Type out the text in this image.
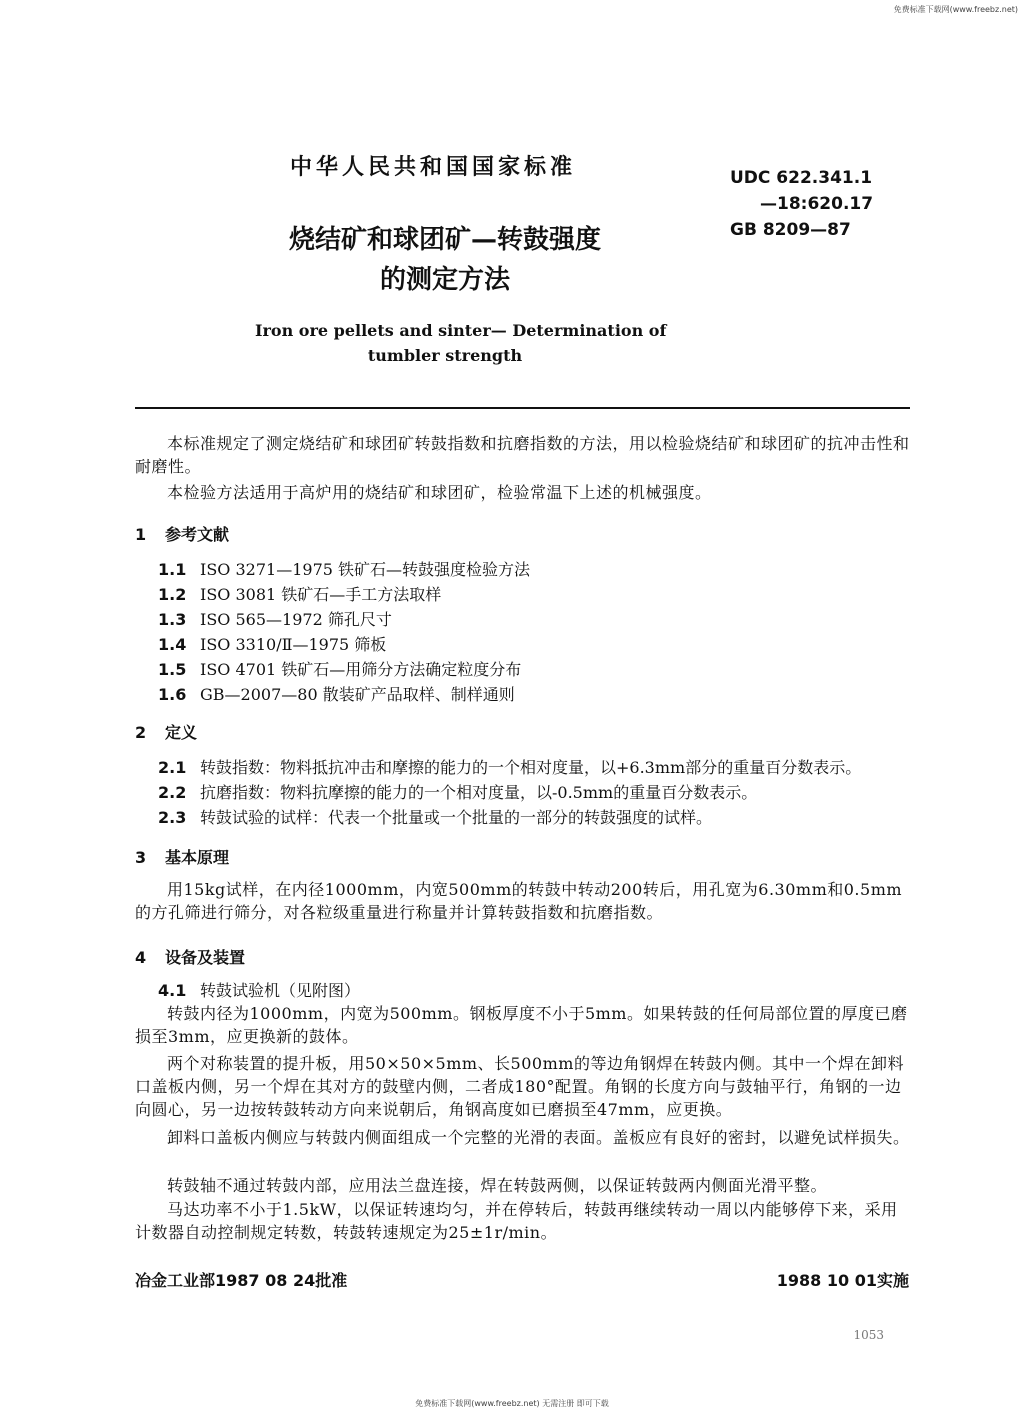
免费标准下载网(www.freebz.net)
中华人民共和国国家标准	UDC 622.341.1
—18:620.17
GB 8209—87
烧结矿和球团矿—转鼓强度
的测定方法
Iron ore pellets and sinter— Determination of
tumbler strength
本标准规定了测定烧结矿和球团矿转鼓指数和抗磨指数的方法，用以检验烧结矿和球团矿的抗冲击性和耐磨性。
本检验方法适用于高炉用的烧结矿和球团矿，检验常温下上述的机械强度。
1 参考文献
1.1 ISO 3271—1975 铁矿石—转鼓强度检验方法
1.2 ISO 3081 铁矿石—手工方法取样
1.3 ISO 565—1972 筛孔尺寸
1.4 ISO 3310/Ⅱ—1975 筛板
1.5 ISO 4701 铁矿石—用筛分方法确定粒度分布
1.6 GB—2007—80 散装矿产品取样、制样通则
2 定义
2.1 转鼓指数：物料抵抗冲击和摩擦的能力的一个相对度量，以+6.3mm部分的重量百分数表示。
2.2 抗磨指数：物料抗摩擦的能力的一个相对度量，以-0.5mm的重量百分数表示。
2.3 转鼓试验的试样：代表一个批量或一个批量的一部分的转鼓强度的试样。
3 基本原理
用15kg试样，在内径1000mm，内宽500mm的转鼓中转动200转后，用孔宽为6.30mm和0.5mm的方孔筛进行筛分，对各粒级重量进行称量并计算转鼓指数和抗磨指数。
4 设备及装置
4.1 转鼓试验机（见附图）
转鼓内径为1000mm，内宽为500mm。钢板厚度不小于5mm。如果转鼓的任何局部位置的厚度已磨损至3mm，应更换新的鼓体。
两个对称装置的提升板，用50×50×5mm、长500mm的等边角钢焊在转鼓内侧。其中一个焊在卸料口盖板内侧，另一个焊在其对方的鼓壁内侧，二者成180°配置。角钢的长度方向与鼓轴平行，角钢的一边向圆心，另一边按转鼓转动方向来说朝后，角钢高度如已磨损至47mm，应更换。
卸料口盖板内侧应与转鼓内侧面组成一个完整的光滑的表面。盖板应有良好的密封，以避免试样损失。
转鼓轴不通过转鼓内部，应用法兰盘连接，焊在转鼓两侧，以保证转鼓两内侧面光滑平整。
马达功率不小于1.5kW，以保证转速均匀，并在停转后，转鼓再继续转动一周以内能够停下来，采用计数器自动控制规定转数，转鼓转速规定为25±1r/min。
冶金工业部1987 08 24批准	1988 10 01实施
1053
免费标准下载网(www.freebz.net) 无需注册 即可下载
